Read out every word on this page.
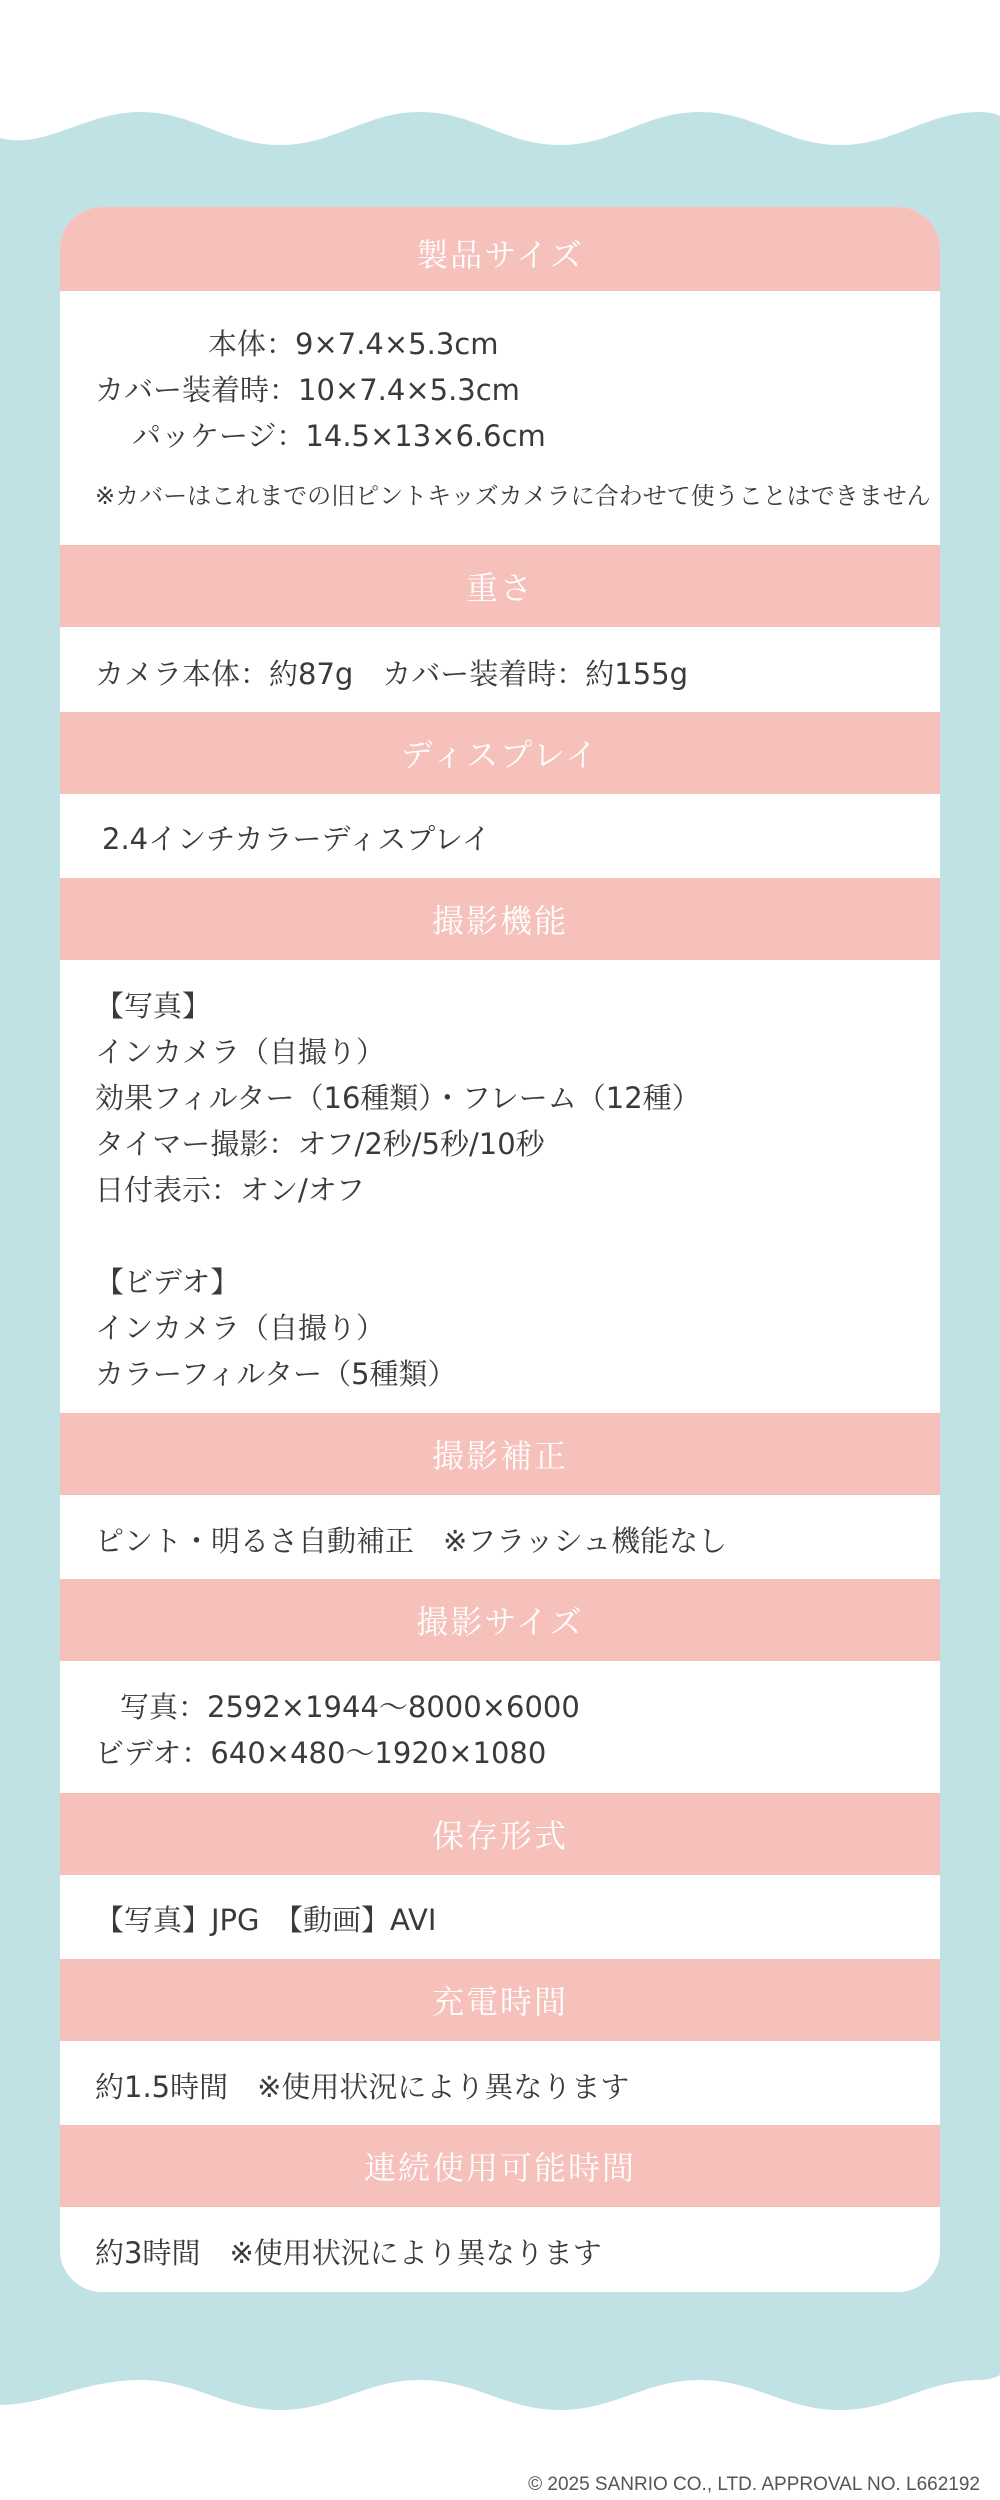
製品サイズ
本体：9×7.4×5.3cm
カバー装着時：10×7.4×5.3cm
パッケージ：14.5×13×6.6cm
※カバーはこれまでの旧ピントキッズカメラに合わせて使うことはできません
重さ
カメラ本体：約87g　カバー装着時：約155g
ディスプレイ
2.4インチカラーディスプレイ
撮影機能
【写真】
インカメラ（自撮り）
効果フィルター（16種類）・フレーム（12種）
タイマー撮影：オフ/2秒/5秒/10秒
日付表示：オン/オフ
【ビデオ】
インカメラ（自撮り）
カラーフィルター（5種類）
撮影補正
ピント・明るさ自動補正　※フラッシュ機能なし
撮影サイズ
写真：2592×1944〜8000×6000
ビデオ：640×480〜1920×1080
保存形式
【写真】JPG　【動画】AVI
充電時間
約1.5時間　※使用状況により異なります
連続使用可能時間
約3時間　※使用状況により異なります
© 2025 SANRIO CO., LTD. APPROVAL NO. L662192
